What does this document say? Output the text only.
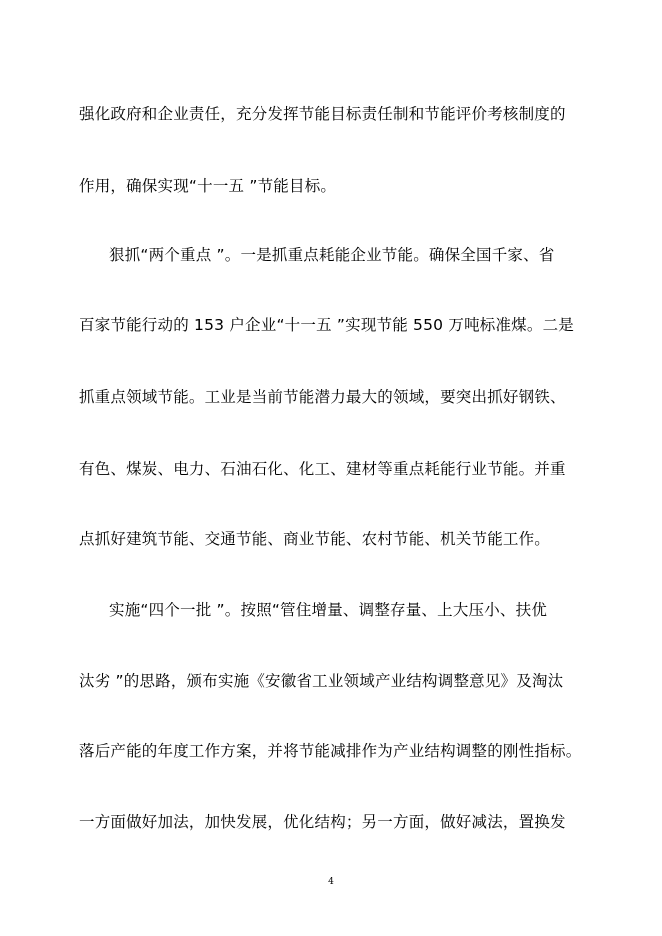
强化政府和企业责任，充分发挥节能目标责任制和节能评价考核制度的
作用，确保实现“十一五 ”节能目标。
狠抓“两个重点 ”。一是抓重点耗能企业节能。确保全国千家、省
百家节能行动的 153 户企业“十一五 ”实现节能 550 万吨标准煤。二是
抓重点领域节能。工业是当前节能潜力最大的领域，要突出抓好钢铁、
有色、煤炭、电力、石油石化、化工、建材等重点耗能行业节能。并重
点抓好建筑节能、交通节能、商业节能、农村节能、机关节能工作。
实施“四个一批 ”。按照“管住增量、调整存量、上大压小、扶优
汰劣 ”的思路，颁布实施《安徽省工业领域产业结构调整意见》及淘汰
落后产能的年度工作方案，并将节能减排作为产业结构调整的刚性指标。
一方面做好加法，加快发展，优化结构；另一方面，做好减法，置换发
4
